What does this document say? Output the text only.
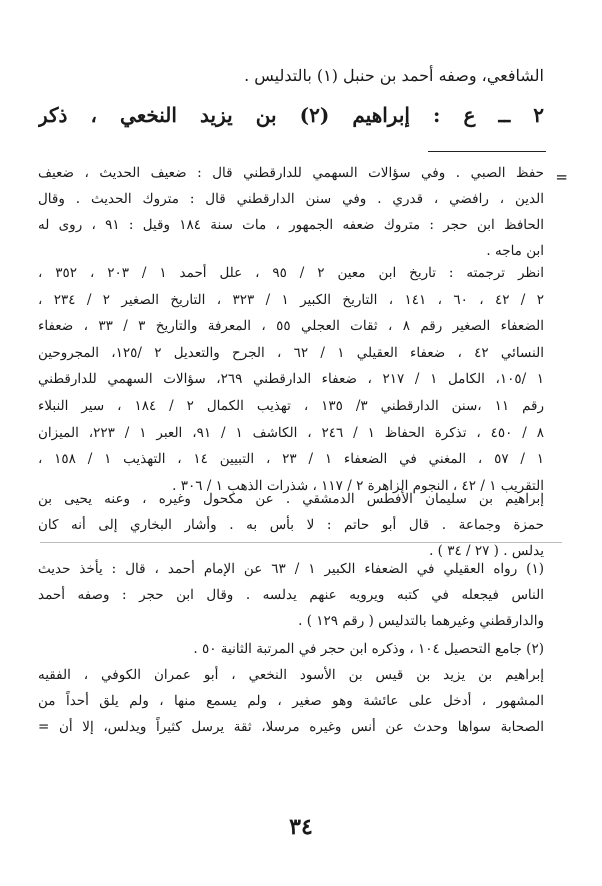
الشافعي، وصفه أحمد بن حنبل (١) بالتدليس .
٢ ــ ع : إبراهيم (٢) بن يزيد النخعي ، ذكر
=
حفظ الصبي . وفي سؤالات السهمي للدارقطني قال : ضعيف الحديث ، ضعيف
الدين ، رافضي ، قدري . وفي سنن الدارقطني قال : متروك الحديث . وقال
الحافظ ابن حجر : متروك ضعفه الجمهور ، مات سنة ١٨٤ وقيل : ٩١ ، روى له
ابن ماجه .
انظر ترجمته : تاريخ ابن معين ٢ / ٩٥ ، علل أحمد ١ / ٢٠٣ ، ٣٥٢ ،
٢ / ٤٢ ، ٦٠ ، ١٤١ ، التاريخ الكبير ١ / ٣٢٣ ، التاريخ الصغير ٢ / ٢٣٤ ،
الضعفاء الصغير رقم ٨ ، ثقات العجلي ٥٥ ، المعرفة والتاريخ ٣ / ٣٣ ، ضعفاء
النسائي ٤٢ ، ضعفاء العقيلي ١ / ٦٢ ، الجرح والتعديل ٢ /١٢٥، المجروحين
١ /١٠٥، الكامل ١ / ٢١٧ ، ضعفاء الدارقطني ٢٦٩، سؤالات السهمي للدارقطني
رقم ١١ ،سنن الدارقطني ٣/ ١٣٥ ، تهذيب الكمال ٢ / ١٨٤ ، سير النبلاء
٨ / ٤٥٠ ، تذكرة الحفاظ ١ / ٢٤٦ ، الكاشف ١ / ٩١، العبر ١ / ٢٢٣، الميزان
١ / ٥٧ ، المغني في الضعفاء ١ / ٢٣ ، التبيين ١٤ ، التهذيب ١ / ١٥٨ ،
التقريب ١ / ٤٢ ، النجوم الزاهرة ٢ / ١١٧ ، شذرات الذهب ١ / ٣٠٦ .
إبراهيم بن سليمان الأفطس الدمشقي . عن مكحول وغيره ، وعنه يحيى بن
حمزة وجماعة . قال أبو حاتم : لا بأس به . وأشار البخاري إلى أنه كان
يدلس . ( ٢٧ / ٣٤ ) .
(١) رواه العقيلي في الضعفاء الكبير ١ / ٦٣ عن الإمام أحمد ، قال : يأخذ حديث
الناس فيجعله في كتبه ويرويه عنهم يدلسه . وقال ابن حجر : وصفه أحمد
والدارقطني وغيرهما بالتدليس ( رقم ١٢٩ ) .
(٢) جامع التحصيل ١٠٤ ، وذكره ابن حجر في المرتبة الثانية ٥٠ .
إبراهيم بن يزيد بن قيس بن الأسود النخعي ، أبو عمران الكوفي ، الفقيه
المشهور ، أدخل على عائشة وهو صغير ، ولم يسمع منها ، ولم يلق أحداً من
الصحابة سواها وحدث عن أنس وغيره مرسلا، ثقة يرسل كثيراً ويدلس، إلا أن =
٣٤
